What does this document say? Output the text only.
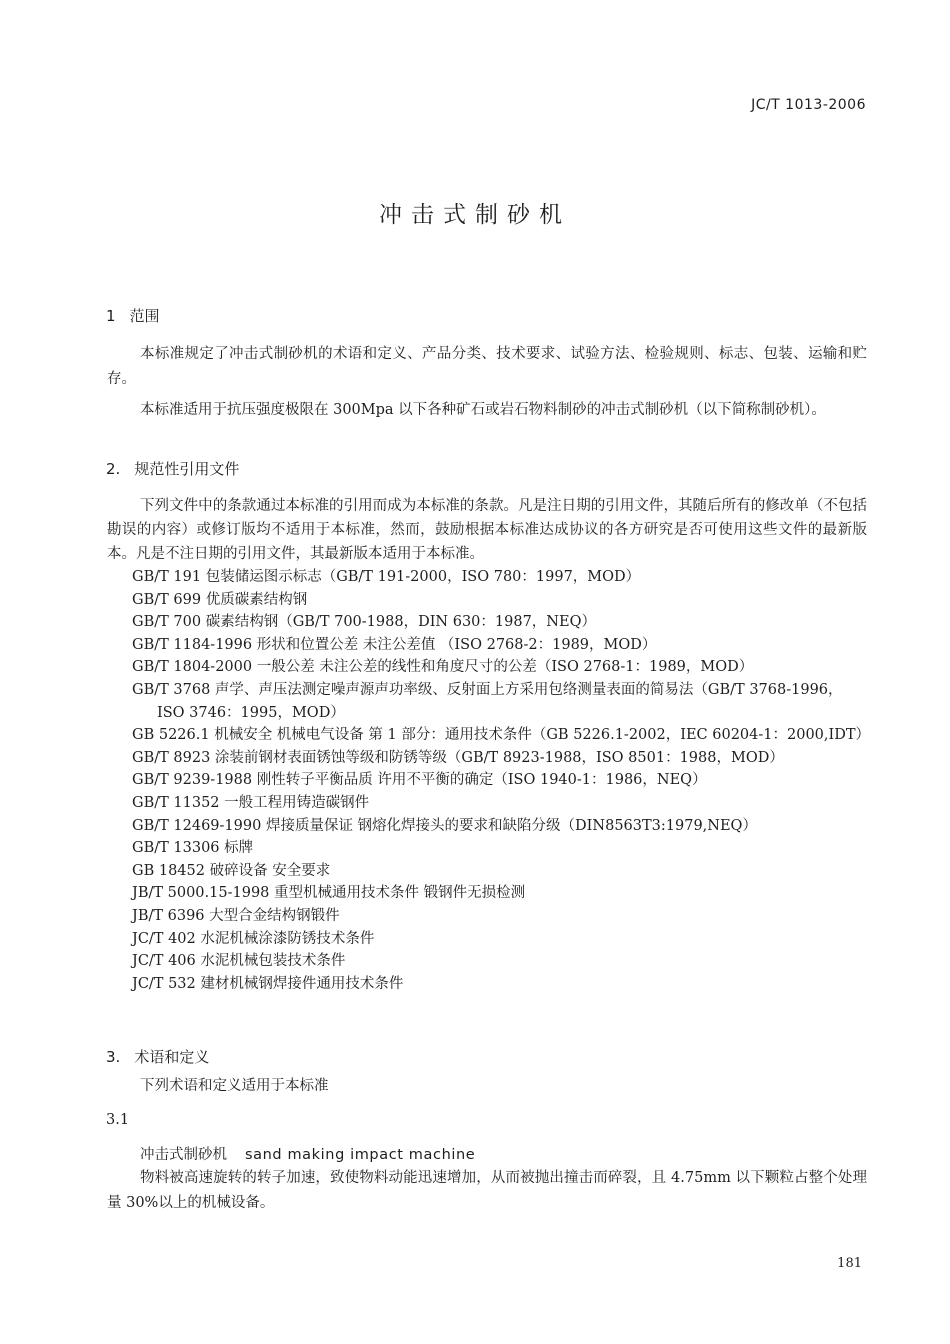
JC/T 1013-2006
冲击式制砂机
1 范围

本标准规定了冲击式制砂机的术语和定义、产品分类、技术要求、试验方法、检验规则、标志、包装、运输和贮存。

本标准适用于抗压强度极限在 300Mpa 以下各种矿石或岩石物料制砂的冲击式制砂机（以下简称制砂机）。

2. 规范性引用文件

下列文件中的条款通过本标准的引用而成为本标准的条款。凡是注日期的引用文件，其随后所有的修改单（不包括勘误的内容）或修订版均不适用于本标准，然而，鼓励根据本标准达成协议的各方研究是否可使用这些文件的最新版本。凡是不注日期的引用文件，其最新版本适用于本标准。

GB/T 191 包装储运图示标志（GB/T 191-2000，ISO 780：1997，MOD）
GB/T 699 优质碳素结构钢
GB/T 700 碳素结构钢（GB/T 700-1988，DIN 630：1987，NEQ）
GB/T 1184-1996 形状和位置公差 未注公差值 （ISO 2768-2：1989，MOD）
GB/T 1804-2000 一般公差 未注公差的线性和角度尺寸的公差（ISO 2768-1：1989，MOD）
GB/T 3768 声学、声压法测定噪声源声功率级、反射面上方采用包络测量表面的简易法（GB/T 3768-1996，ISO 3746：1995，MOD）
GB 5226.1 机械安全 机械电气设备 第 1 部分：通用技术条件（GB 5226.1-2002，IEC 60204-1：2000,IDT）
GB/T 8923 涂装前钢材表面锈蚀等级和防锈等级（GB/T 8923-1988，ISO 8501：1988，MOD）
GB/T 9239-1988 刚性转子平衡品质 许用不平衡的确定（ISO 1940-1：1986，NEQ）
GB/T 11352 一般工程用铸造碳钢件
GB/T 12469-1990 焊接质量保证 钢熔化焊接头的要求和缺陷分级（DIN8563T3:1979,NEQ）
GB/T 13306 标牌
GB 18452 破碎设备 安全要求
JB/T 5000.15-1998 重型机械通用技术条件 锻钢件无损检测
JB/T 6396 大型合金结构钢锻件
JC/T 402 水泥机械涂漆防锈技术条件
JC/T 406 水泥机械包装技术条件
JC/T 532 建材机械钢焊接件通用技术条件
3. 术语和定义

下列术语和定义适用于本标准

3.1
冲击式制砂机 sand making impact machine

物料被高速旋转的转子加速，致使物料动能迅速增加，从而被抛出撞击而碎裂，且 4.75mm 以下颗粒占整个处理量 30%以上的机械设备。

181
